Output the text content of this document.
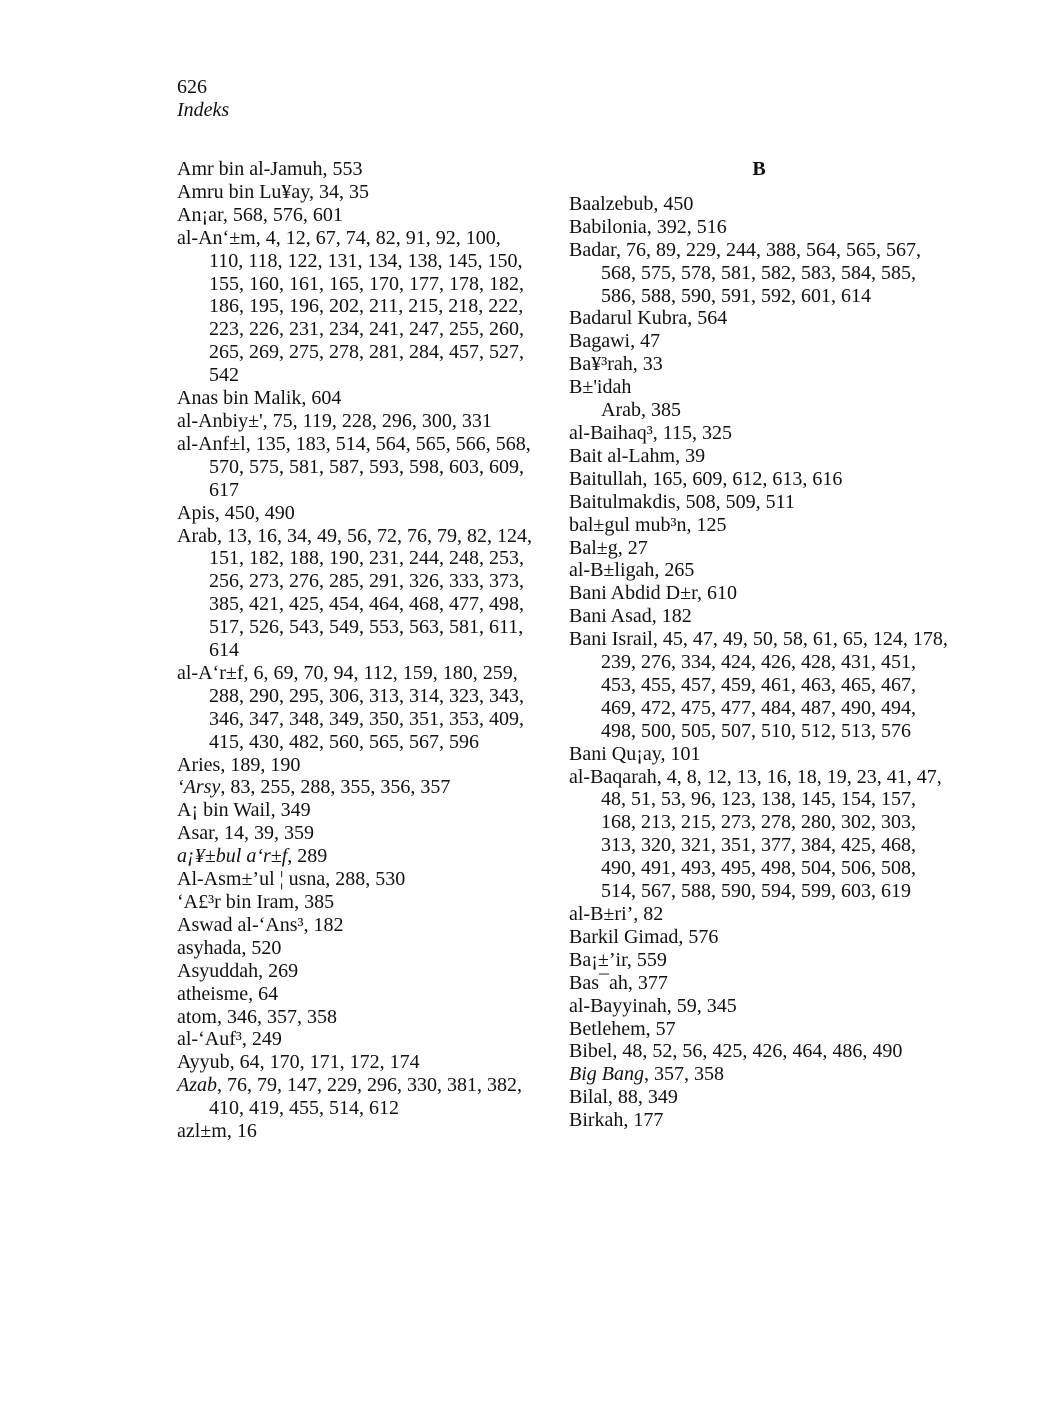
626
Indeks
Amr bin al-Jamuh, 553
Amru bin Lu¥ay, 34, 35
An¡ar, 568, 576, 601
al-An‘±m, 4, 12, 67, 74, 82, 91, 92, 100, 110, 118, 122, 131, 134, 138, 145, 150, 155, 160, 161, 165, 170, 177, 178, 182, 186, 195, 196, 202, 211, 215, 218, 222, 223, 226, 231, 234, 241, 247, 255, 260, 265, 269, 275, 278, 281, 284, 457, 527, 542
Anas bin Malik, 604
al-Anbiy±', 75, 119, 228, 296, 300, 331
al-Anf±l, 135, 183, 514, 564, 565, 566, 568, 570, 575, 581, 587, 593, 598, 603, 609, 617
Apis, 450, 490
Arab, 13, 16, 34, 49, 56, 72, 76, 79, 82, 124, 151, 182, 188, 190, 231, 244, 248, 253, 256, 273, 276, 285, 291, 326, 333, 373, 385, 421, 425, 454, 464, 468, 477, 498, 517, 526, 543, 549, 553, 563, 581, 611, 614
al-A‘r±f, 6, 69, 70, 94, 112, 159, 180, 259, 288, 290, 295, 306, 313, 314, 323, 343, 346, 347, 348, 349, 350, 351, 353, 409, 415, 430, 482, 560, 565, 567, 596
Aries, 189, 190
‘Arsy, 83, 255, 288, 355, 356, 357
A¡ bin Wail, 349
Asar, 14, 39, 359
a¡¥±bul a‘r±f, 289
Al-Asm±’ul ¦ usna, 288, 530
‘A£³r bin Iram, 385
Aswad al-‘Ans³, 182
asyhada, 520
Asyuddah, 269
atheisme, 64
atom, 346, 357, 358
al-‘Auf³, 249
Ayyub, 64, 170, 171, 172, 174
Azab, 76, 79, 147, 229, 296, 330, 381, 382, 410, 419, 455, 514, 612
azl±m, 16
B
Baalzebub, 450
Babilonia, 392, 516
Badar, 76, 89, 229, 244, 388, 564, 565, 567, 568, 575, 578, 581, 582, 583, 584, 585, 586, 588, 590, 591, 592, 601, 614
Badarul Kubra, 564
Bagawi, 47
Ba¥³rah, 33
B±'idah
Arab, 385
al-Baihaq³, 115, 325
Bait al-Lahm, 39
Baitullah, 165, 609, 612, 613, 616
Baitulmakdis, 508, 509, 511
bal±gul mub³n, 125
Bal±g, 27
al-B±ligah, 265
Bani Abdid D±r, 610
Bani Asad, 182
Bani Israil, 45, 47, 49, 50, 58, 61, 65, 124, 178, 239, 276, 334, 424, 426, 428, 431, 451, 453, 455, 457, 459, 461, 463, 465, 467, 469, 472, 475, 477, 484, 487, 490, 494, 498, 500, 505, 507, 510, 512, 513, 576
Bani Qu¡ay, 101
al-Baqarah, 4, 8, 12, 13, 16, 18, 19, 23, 41, 47, 48, 51, 53, 96, 123, 138, 145, 154, 157, 168, 213, 215, 273, 278, 280, 302, 303, 313, 320, 321, 351, 377, 384, 425, 468, 490, 491, 493, 495, 498, 504, 506, 508, 514, 567, 588, 590, 594, 599, 603, 619
al-B±ri’, 82
Barkil Gimad, 576
Ba¡±’ir, 559
Bas¯ah, 377
al-Bayyinah, 59, 345
Betlehem, 57
Bibel, 48, 52, 56, 425, 426, 464, 486, 490
Big Bang, 357, 358
Bilal, 88, 349
Birkah, 177
